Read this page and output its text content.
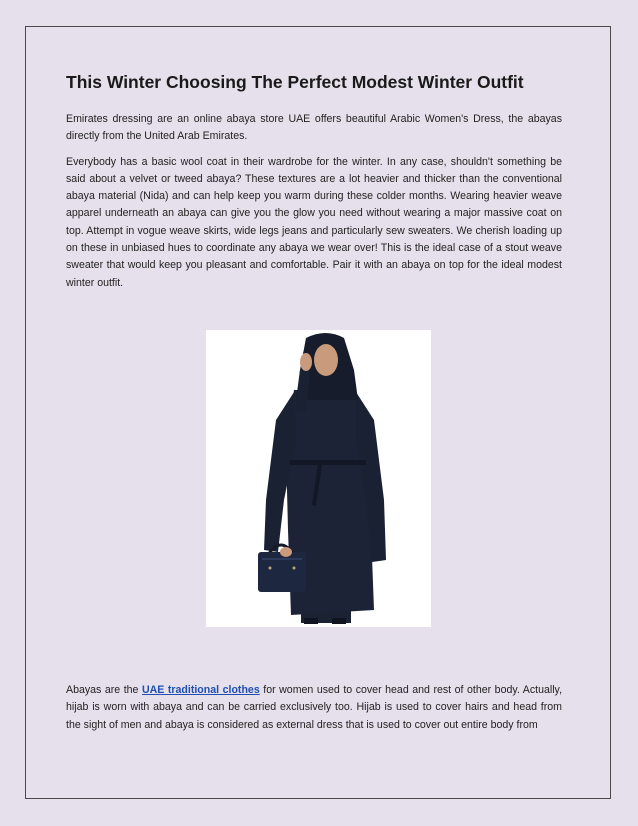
This Winter Choosing The Perfect Modest Winter Outfit

Emirates dressing are an online abaya store UAE offers beautiful Arabic Women's Dress, the abayas directly from the United Arab Emirates.

Everybody has a basic wool coat in their wardrobe for the winter. In any case, shouldn't something be said about a velvet or tweed abaya? These textures are a lot heavier and thicker than the conventional abaya material (Nida) and can help keep you warm during these colder months. Wearing heavier weave apparel underneath an abaya can give you the glow you need without wearing a major massive coat on top. Attempt in vogue weave skirts, wide legs jeans and particularly sew sweaters. We cherish loading up on these in unbiased hues to coordinate any abaya we wear over! This is the ideal case of a stout weave sweater that would keep you pleasant and comfortable. Pair it with an abaya on top for the ideal modest winter outfit.

Abayas are the UAE traditional clothes for women used to cover head and rest of other body. Actually, hijab is worn with abaya and can be carried exclusively too. Hijab is used to cover hairs and head from the sight of men and abaya is considered as external dress that is used to cover out entire body from
